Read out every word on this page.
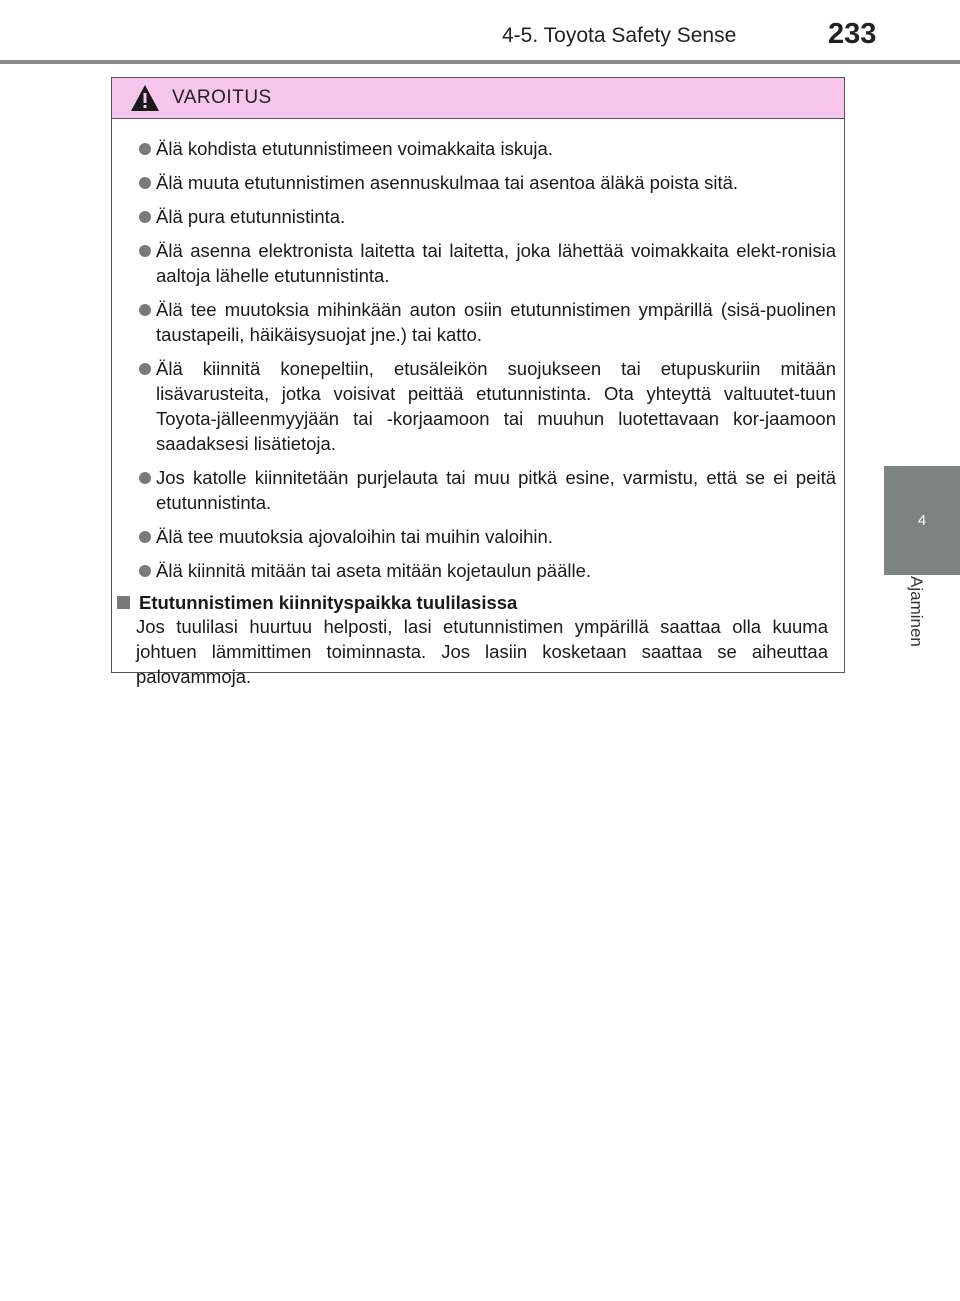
4-5. Toyota Safety Sense	233
4
Ajaminen
VAROITUS
Älä kohdista etutunnistimeen voimakkaita iskuja.
Älä muuta etutunnistimen asennuskulmaa tai asentoa äläkä poista sitä.
Älä pura etutunnistinta.
Älä asenna elektronista laitetta tai laitetta, joka lähettää voimakkaita elekt-ronisia aaltoja lähelle etutunnistinta.
Älä tee muutoksia mihinkään auton osiin etutunnistimen ympärillä (sisä-puolinen taustapeili, häikäisysuojat jne.) tai katto.
Älä kiinnitä konepeltiin, etusäleikön suojukseen tai etupuskuriin mitään lisävarusteita, jotka voisivat peittää etutunnistinta. Ota yhteyttä valtuutet-tuun Toyota-jälleenmyyjään tai -korjaamoon tai muuhun luotettavaan kor-jaamoon saadaksesi lisätietoja.
Jos katolle kiinnitetään purjelauta tai muu pitkä esine, varmistu, että se ei peitä etutunnistinta.
Älä tee muutoksia ajovaloihin tai muihin valoihin.
Älä kiinnitä mitään tai aseta mitään kojetaulun päälle.
Etutunnistimen kiinnityspaikka tuulilasissa
Jos tuulilasi huurtuu helposti, lasi etutunnistimen ympärillä saattaa olla kuuma johtuen lämmittimen toiminnasta. Jos lasiin kosketaan saattaa se aiheuttaa palovammoja.
